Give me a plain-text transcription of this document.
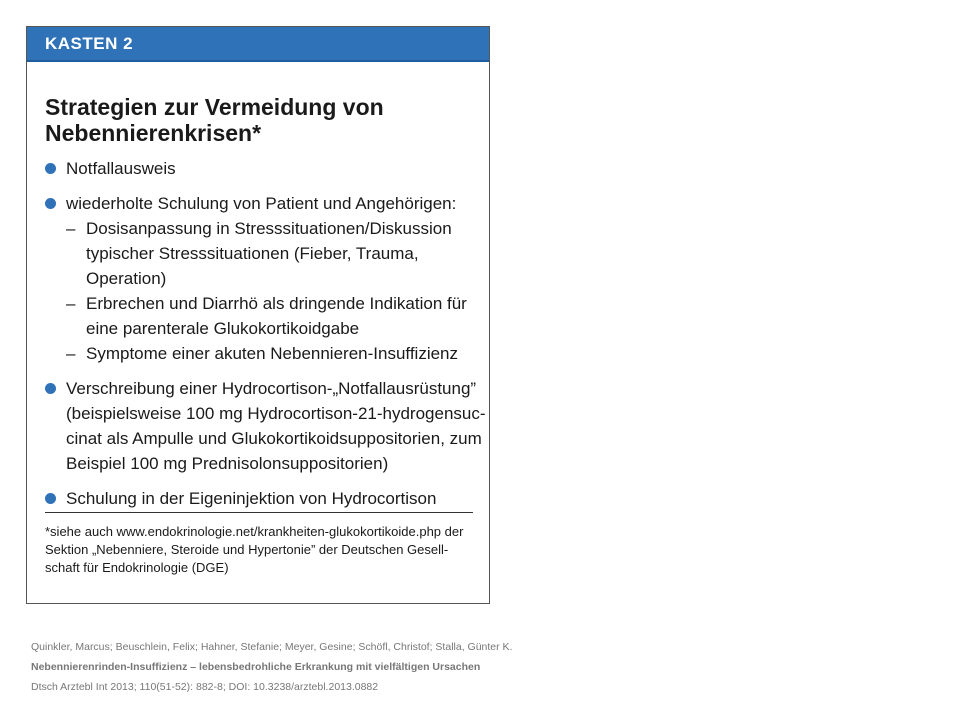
KASTEN 2
Strategien zur Vermeidung von
Nebennierenkrisen*
Notfallausweis
wiederholte Schulung von Patient und Angehörigen:
– Dosisanpassung in Stresssituationen/Diskussion
typischer Stresssituationen (Fieber, Trauma, Operation)
– Erbrechen und Diarrhö als dringende Indikation für
eine parenterale Glukokortikoidgabe
– Symptome einer akuten Nebennieren-Insuffizienz
Verschreibung einer Hydrocortison-„Notfallausrüstung”
(beispielsweise 100 mg Hydrocortison-21-hydrogensuc-
cinat als Ampulle und Glukokortikoidsuppositorien, zum
Beispiel 100 mg Prednisolonsuppositorien)
Schulung in der Eigeninjektion von Hydrocortison
*siehe auch www.endokrinologie.net/krankheiten-glukokortikoide.php der
Sektion „Nebenniere, Steroide und Hypertonie” der Deutschen Gesell-
schaft für Endokrinologie (DGE)
Quinkler, Marcus; Beuschlein, Felix; Hahner, Stefanie; Meyer, Gesine; Schöfl, Christof; Stalla, Günter K.
Nebennierenrinden-Insuffizienz – lebensbedrohliche Erkrankung mit vielfältigen Ursachen
Dtsch Arztebl Int 2013; 110(51-52): 882-8; DOI: 10.3238/arztebl.2013.0882
